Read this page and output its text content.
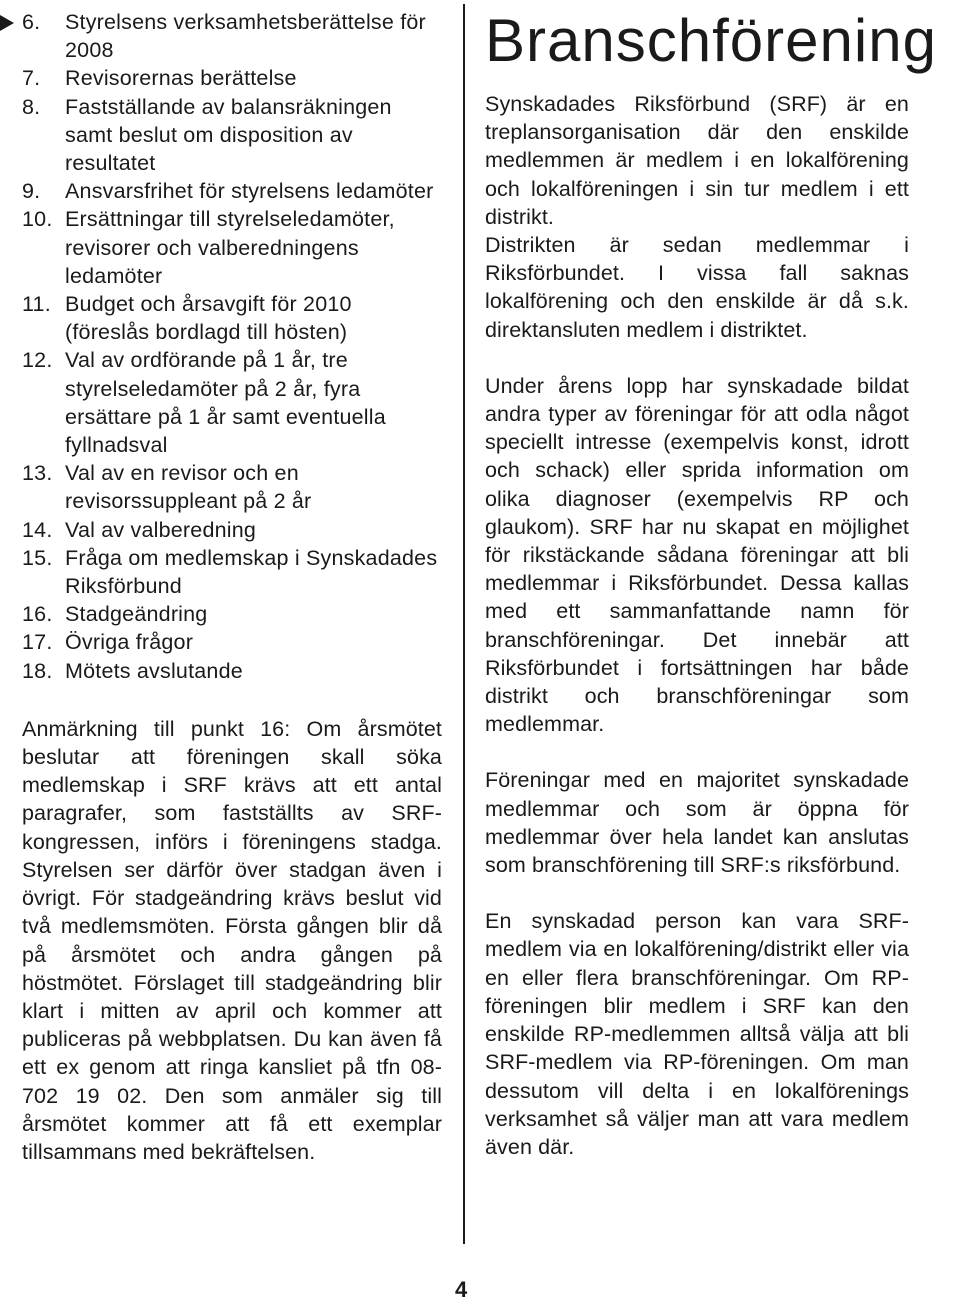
6. Styrelsens verksamhetsberättelse för 2008
7. Revisorernas berättelse
8. Fastställande av balansräkningen samt beslut om disposition av resultatet
9. Ansvarsfrihet för styrelsens ledamöter
10. Ersättningar till styrelseledamöter, revisorer och valberedningens ledamöter
11. Budget och årsavgift för 2010 (föreslås bordlagd till hösten)
12. Val av ordförande på 1 år, tre styrelseledamöter på 2 år, fyra ersättare på 1 år samt eventuella fyllnadsval
13. Val av en revisor och en revisorssuppleant på 2 år
14. Val av valberedning
15. Fråga om medlemskap i Synskadades Riksförbund
16. Stadgeändring
17. Övriga frågor
18. Mötets avslutande

Anmärkning till punkt 16: Om årsmötet beslutar att föreningen skall söka medlemskap i SRF krävs att ett antal paragrafer, som fastställts av SRF-kongressen, införs i föreningens stadga. Styrelsen ser därför över stadgan även i övrigt. För stadgeändring krävs beslut vid två medlemsmöten. Första gången blir då på årsmötet och andra gången på höstmötet. Förslaget till stadgeändring blir klart i mitten av april och kommer att publiceras på webbplatsen. Du kan även få ett ex genom att ringa kansliet på tfn 08-702 19 02. Den som anmäler sig till årsmötet kommer att få ett exemplar tillsammans med bekräftelsen.

Branschförening

Synskadades Riksförbund (SRF) är en treplansorganisation där den enskilde medlemmen är medlem i en lokalförening och lokalföreningen i sin tur medlem i ett distrikt.

Distrikten är sedan medlemmar i Riksförbundet. I vissa fall saknas lokalförening och den enskilde är då s.k. direktansluten medlem i distriktet.

Under årens lopp har synskadade bildat andra typer av föreningar för att odla något speciellt intresse (exempelvis konst, idrott och schack) eller sprida information om olika diagnoser (exempelvis RP och glaukom). SRF har nu skapat en möjlighet för rikstäckande sådana föreningar att bli medlemmar i Riksförbundet. Dessa kallas med ett sammanfattande namn för branschföreningar. Det innebär att Riksförbundet i fortsättningen har både distrikt och branschföreningar som medlemmar.

Föreningar med en majoritet synskadade medlemmar och som är öppna för medlemmar över hela landet kan anslutas som branschförening till SRF:s riksförbund.

En synskadad person kan vara SRF-medlem via en lokalförening/distrikt eller via en eller flera branschföreningar. Om RP-föreningen blir medlem i SRF kan den enskilde RP-medlemmen alltså välja att bli SRF-medlem via RP-föreningen. Om man dessutom vill delta i en lokalförenings verksamhet så väljer man att vara medlem även där.

4
